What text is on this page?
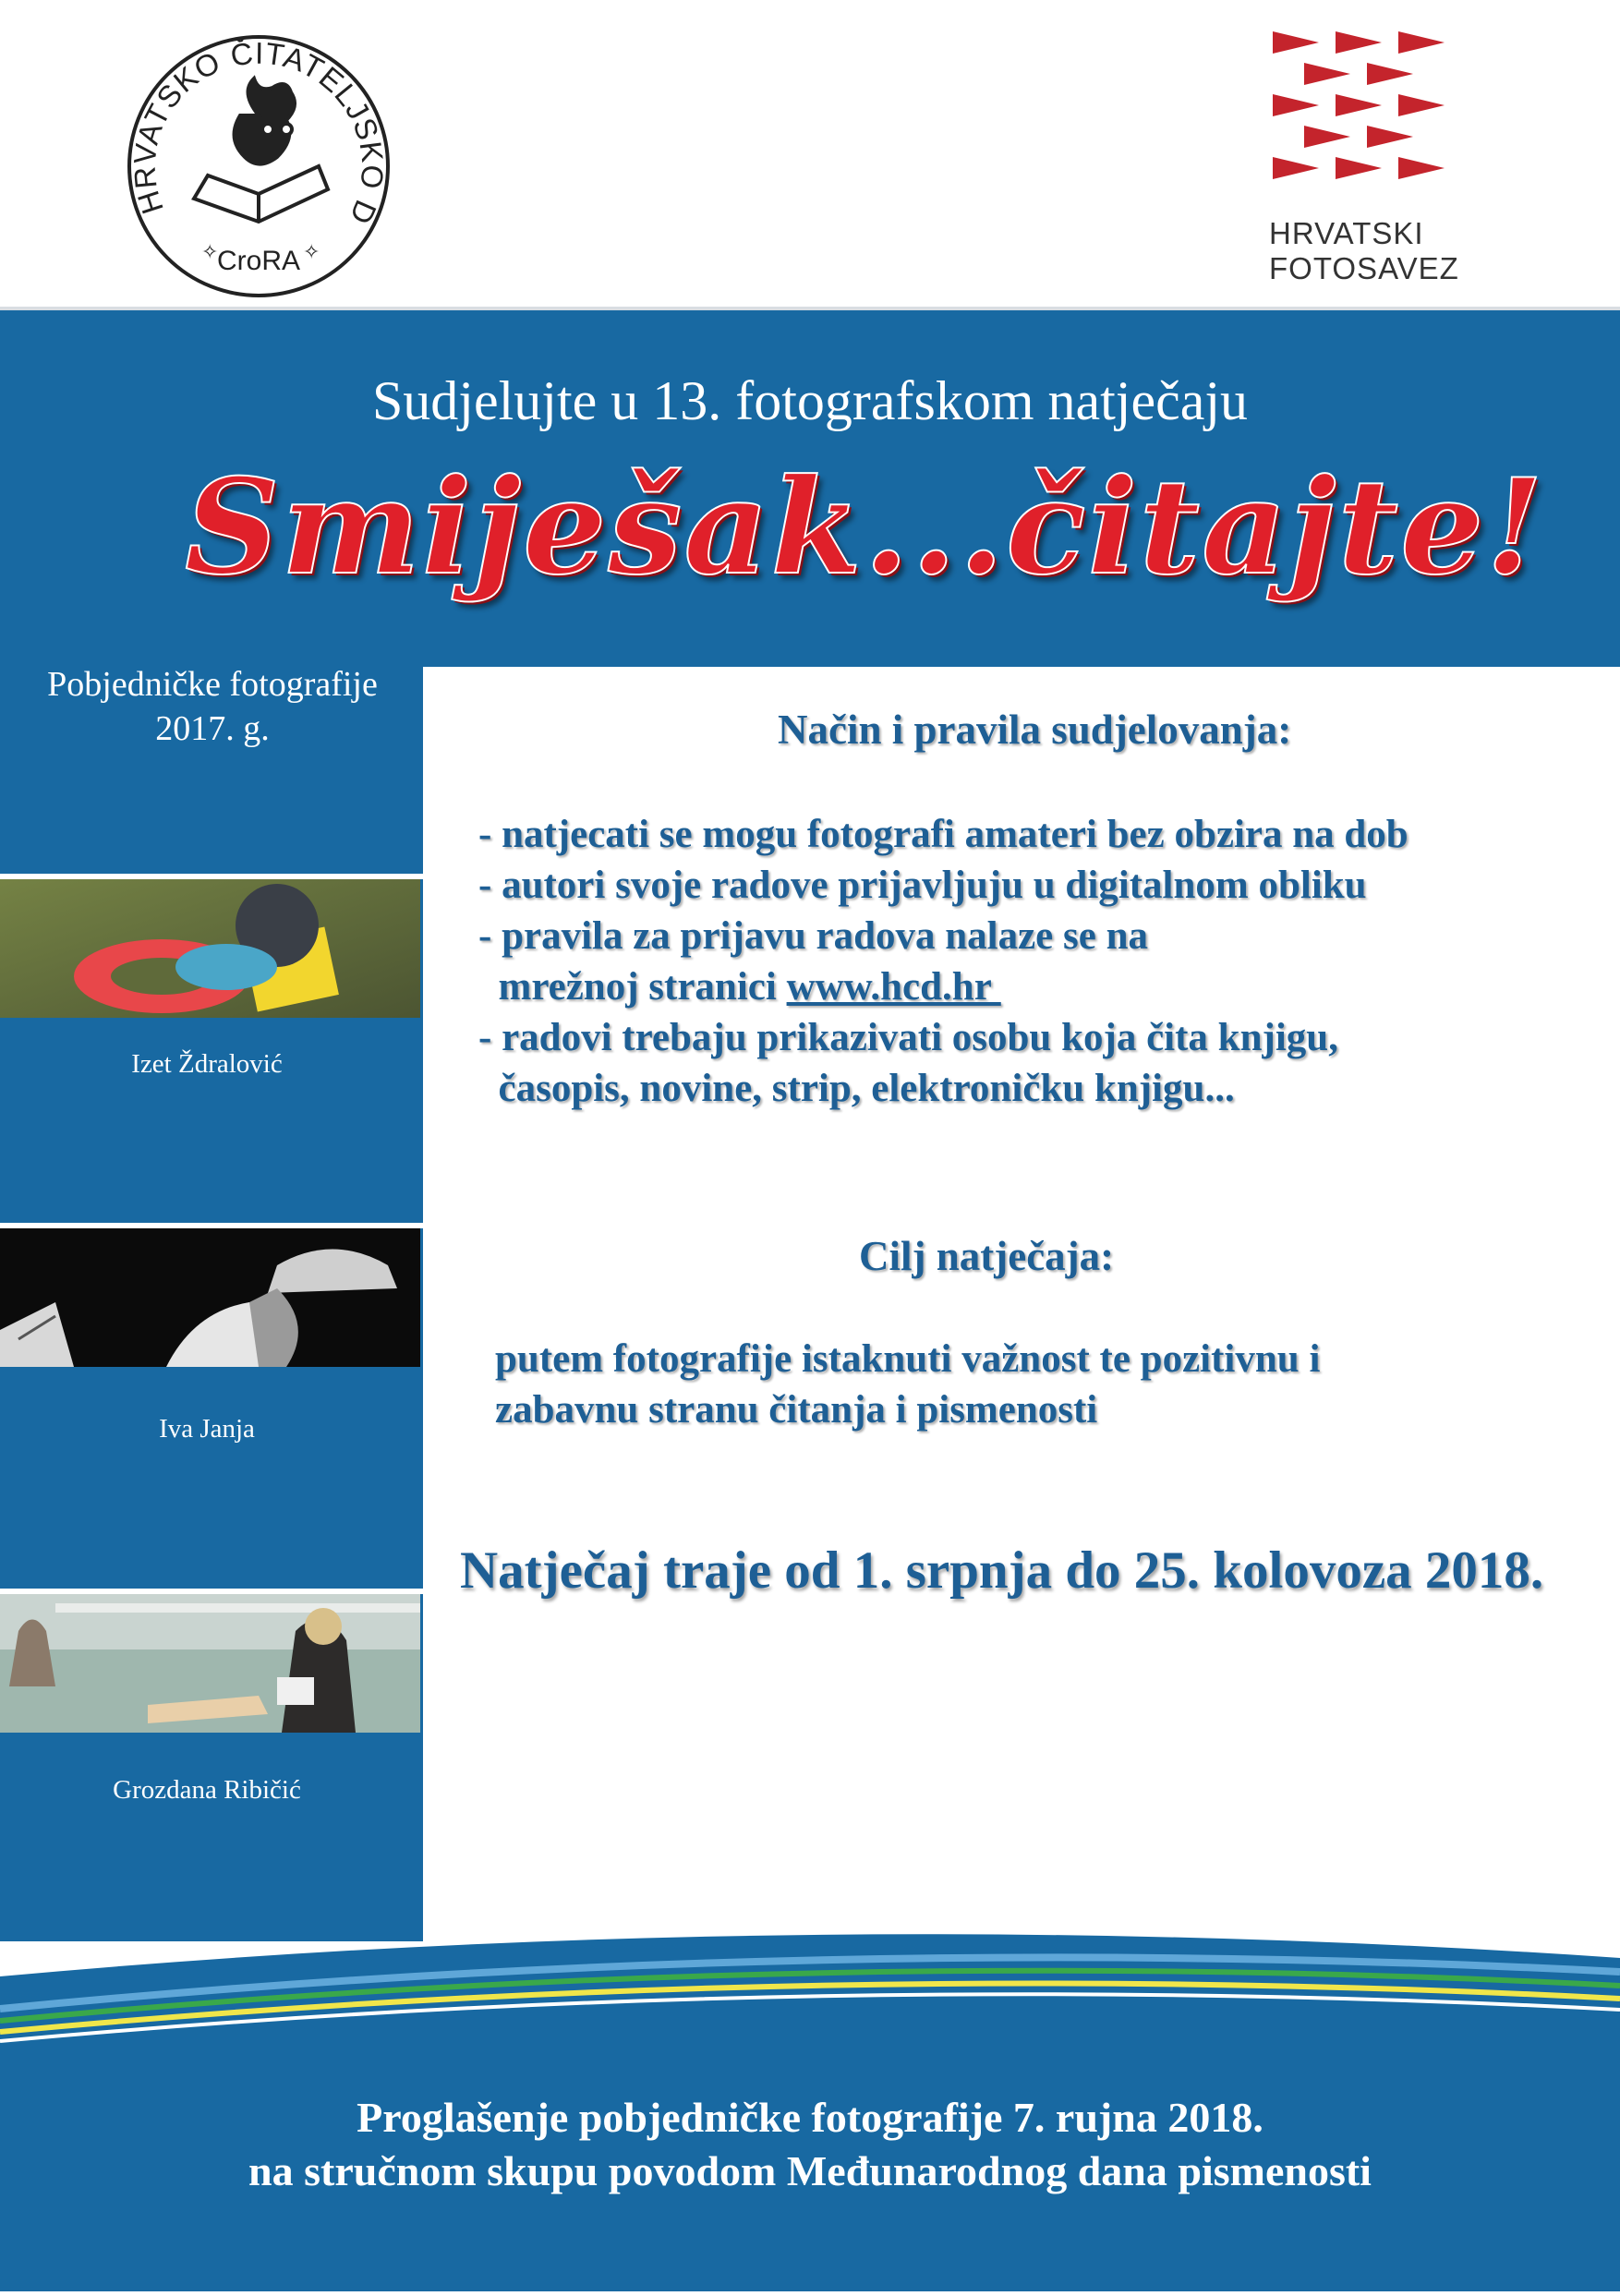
HRVATSKO ČITATELJSKO D
CroRA
✧	✧
HRVATSKI
FOTOSAVEZ
Sudjelujte u 13. fotografskom natječaju
Smiješak...čitajte!
Pobjedničke fotografije
2017. g.
Izet Ždralović
Iva Janja
Grozdana Ribičić
Način i pravila sudjelovanja:
- natjecati se mogu fotografi amateri bez obzira na dob
- autori svoje radove prijavljuju u digitalnom obliku
- pravila za prijavu radova nalaze se na
mrežnoj stranici www.hcd.hr
- radovi trebaju prikazivati osobu koja čita knjigu,
časopis, novine, strip, elektroničku knjigu...
Cilj natječaja:
putem fotografije istaknuti važnost te pozitivnu i
zabavnu stranu čitanja i pismenosti
Natječaj traje od 1. srpnja do 25. kolovoza 2018.
Proglašenje pobjedničke fotografije 7. rujna 2018.
na stručnom skupu povodom Međunarodnog dana pismenosti
